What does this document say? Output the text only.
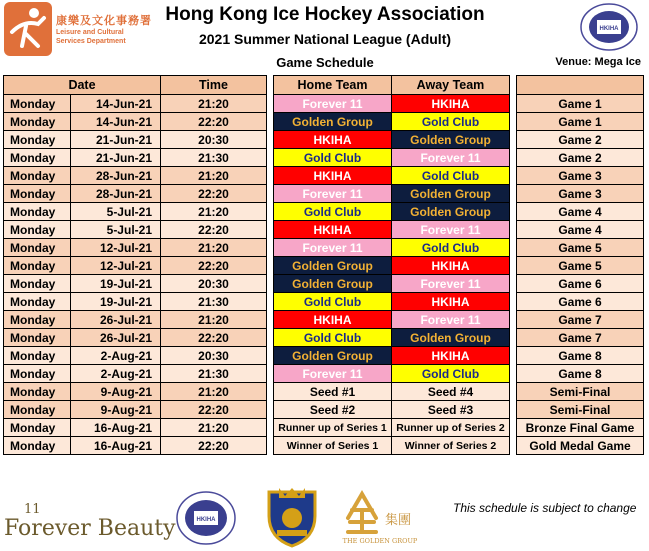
康樂及文化事務署
Leisure and Cultural Services Department
Hong Kong Ice Hockey Association
2021 Summer National League (Adult)
Game Schedule
HKIHA
Venue: Mega Ice
Date		Time		Home Team	Away Team		
Monday	14-Jun-21	21:20		Forever 11	HKIHA		Game 1
Monday	14-Jun-21	22:20		Golden Group	Gold Club		Game 1
Monday	21-Jun-21	20:30		HKIHA	Golden Group		Game 2
Monday	21-Jun-21	21:30		Gold Club	Forever 11		Game 2
Monday	28-Jun-21	21:20		HKIHA	Gold Club		Game 3
Monday	28-Jun-21	22:20		Forever 11	Golden Group		Game 3
Monday	5-Jul-21	21:20		Gold Club	Golden Group		Game 4
Monday	5-Jul-21	22:20		HKIHA	Forever 11		Game 4
Monday	12-Jul-21	21:20		Forever 11	Gold Club		Game 5
Monday	12-Jul-21	22:20		Golden Group	HKIHA		Game 5
Monday	19-Jul-21	20:30		Golden Group	Forever 11		Game 6
Monday	19-Jul-21	21:30		Gold Club	HKIHA		Game 6
Monday	26-Jul-21	21:20		HKIHA	Forever 11		Game 7
Monday	26-Jul-21	22:20		Gold Club	Golden Group		Game 7
Monday	2-Aug-21	20:30		Golden Group	HKIHA		Game 8
Monday	2-Aug-21	21:30		Forever 11	Gold Club		Game 8
Monday	9-Aug-21	21:20		Seed #1	Seed #4		Semi-Final
Monday	9-Aug-21	22:20		Seed #2	Seed #3		Semi-Final
Monday	16-Aug-21	21:20		Runner up of Series 1	Runner up of Series 2		Bronze Final Game
Monday	16-Aug-21	22:20		Winner of Series 1	Winner of Series 2		Gold Medal Game
11
Forever Beauty	HKIHA	集團
THE GOLDEN GROUP
This schedule is subject to change
